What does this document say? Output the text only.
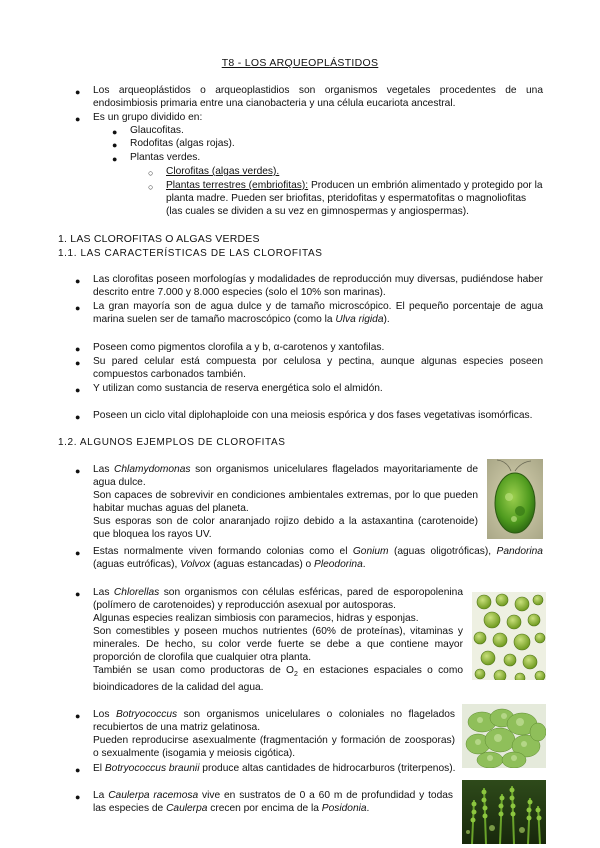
T8 - LOS ARQUEOPLÁSTIDOS
● Los arqueoplástidos o arqueoplastidios son organismos vegetales procedentes de una endosimbiosis primaria entre una cianobacteria y una célula eucariota ancestral.
● Es un grupo dividido en:
● Glaucofitas.
● Rodofitas (algas rojas).
● Plantas verdes.
○ Clorofitas (algas verdes).
○ Plantas terrestres (embriofitas): Producen un embrión alimentado y protegido por la planta madre. Pueden ser briofitas, pteridofitas y espermatofitas o magnoliofitas (las cuales se dividen a su vez en gimnospermas y angiospermas).
1. LAS CLOROFITAS O ALGAS VERDES
1.1. LAS CARACTERÍSTICAS DE LAS CLOROFITAS
● Las clorofitas poseen morfologías y modalidades de reproducción muy diversas, pudiéndose haber descrito entre 7.000 y 8.000 especies (solo el 10% son marinas).
● La gran mayoría son de agua dulce y de tamaño microscópico. El pequeño porcentaje de agua marina suelen ser de tamaño macroscópico (como la Ulva rigida).
● Poseen como pigmentos clorofila a y b, α-carotenos y xantofilas.
● Su pared celular está compuesta por celulosa y pectina, aunque algunas especies poseen compuestos carbonados también.
● Y utilizan como sustancia de reserva energética solo el almidón.
● Poseen un ciclo vital diplohaploide con una meiosis espórica y dos fases vegetativas isomórficas.
1.2. ALGUNOS EJEMPLOS DE CLOROFITAS
● Las Chlamydomonas son organismos unicelulares flagelados mayoritariamente de agua dulce.
Son capaces de sobrevivir en condiciones ambientales extremas, por lo que pueden habitar muchas aguas del planeta.
Sus esporas son de color anaranjado rojizo debido a la astaxantina (carotenoide) que bloquea los rayos UV.
● Estas normalmente viven formando colonias como el Gonium (aguas oligotróficas), Pandorina (aguas eutróficas), Volvox (aguas estancadas) o Pleodorina.
● Las Chlorellas son organismos con células esféricas, pared de esporopolenina (polímero de carotenoides) y reproducción asexual por autosporas.
Algunas especies realizan simbiosis con paramecios, hidras y esponjas.
Son comestibles y poseen muchos nutrientes (60% de proteínas), vitaminas y minerales. De hecho, su color verde fuerte se debe a que contiene mayor proporción de clorofila que cualquier otra planta.
También se usan como productoras de $O_2$ en estaciones espaciales o como bioindicadores de la calidad del agua.
● Los Botryococcus son organismos unicelulares o coloniales no flagelados recubiertos de una matriz gelatinosa.
Pueden reproducirse asexualmente (fragmentación y formación de zoosporas) o sexualmente (isogamia y meiosis cigótica).
● El Botryococcus braunii produce altas cantidades de hidrocarburos (triterpenos).
● La Caulerpa racemosa vive en sustratos de 0 a 60 m de profundidad y todas las especies de Caulerpa crecen por encima de la Posidonia.
